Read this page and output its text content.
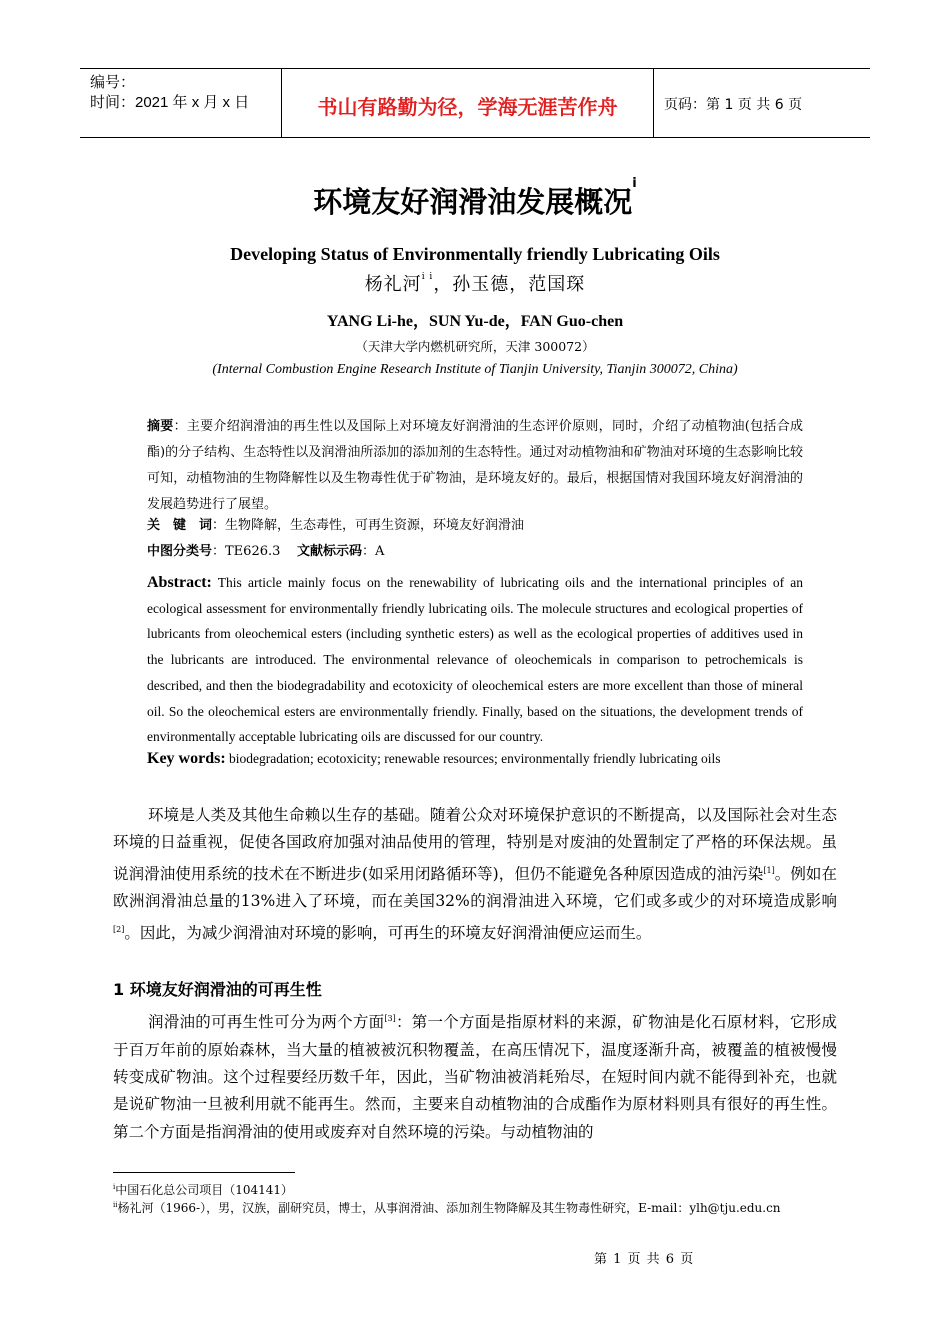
编号：
时间：2021 年 x 月 x 日	书山有路勤为径，学海无涯苦作舟	页码：第 1 页 共 6 页
环境友好润滑油发展概况$^i$
Developing Status of Environmentally friendly Lubricating Oils
杨礼河$^{i i}$，孙玉德，范国琛
YANG Li-he，SUN Yu-de，FAN Guo-chen
（天津大学内燃机研究所，天津 300072）
(Internal Combustion Engine Research Institute of Tianjin University, Tianjin 300072, China)
摘要：主要介绍润滑油的再生性以及国际上对环境友好润滑油的生态评价原则，同时，介绍了动植物油(包括合成酯)的分子结构、生态特性以及润滑油所添加的添加剂的生态特性。通过对动植物油和矿物油对环境的生态影响比较可知，动植物油的生物降解性以及生物毒性优于矿物油，是环境友好的。最后，根据国情对我国环境友好润滑油的发展趋势进行了展望。
关　键　词：生物降解，生态毒性，可再生资源，环境友好润滑油
中图分类号：TE626.3 文献标示码：A
Abstract: This article mainly focus on the renewability of lubricating oils and the international principles of an ecological assessment for environmentally friendly lubricating oils. The molecule structures and ecological properties of lubricants from oleochemical esters (including synthetic esters) as well as the ecological properties of additives used in the lubricants are introduced. The environmental relevance of oleochemicals in comparison to petrochemicals is described, and then the biodegradability and ecotoxicity of oleochemical esters are more excellent than those of mineral oil. So the oleochemical esters are environmentally friendly. Finally, based on the situations, the development trends of environmentally acceptable lubricating oils are discussed for our country.
Key words: biodegradation; ecotoxicity; renewable resources; environmentally friendly lubricating oils
环境是人类及其他生命赖以生存的基础。随着公众对环境保护意识的不断提高，以及国际社会对生态环境的日益重视，促使各国政府加强对油品使用的管理，特别是对废油的处置制定了严格的环保法规。虽说润滑油使用系统的技术在不断进步(如采用闭路循环等)，但仍不能避免各种原因造成的油污染[1]。例如在欧洲润滑油总量的13%进入了环境，而在美国32%的润滑油进入环境，它们或多或少的对环境造成影响[2]。因此，为减少润滑油对环境的影响，可再生的环境友好润滑油便应运而生。
1 环境友好润滑油的可再生性
润滑油的可再生性可分为两个方面[3]：第一个方面是指原材料的来源，矿物油是化石原材料，它形成于百万年前的原始森林，当大量的植被被沉积物覆盖，在高压情况下，温度逐渐升高，被覆盖的植被慢慢转变成矿物油。这个过程要经历数千年，因此，当矿物油被消耗殆尽，在短时间内就不能得到补充，也就是说矿物油一旦被利用就不能再生。然而，主要来自动植物油的合成酯作为原材料则具有很好的再生性。第二个方面是指润滑油的使用或废弃对自然环境的污染。与动植物油的
$^i$中国石化总公司项目（104141）
$^{ii}$杨礼河（1966-），男，汉族，副研究员，博士，从事润滑油、添加剂生物降解及其生物毒性研究，E-mail：ylh@tju.edu.cn
第 1 页 共 6 页
